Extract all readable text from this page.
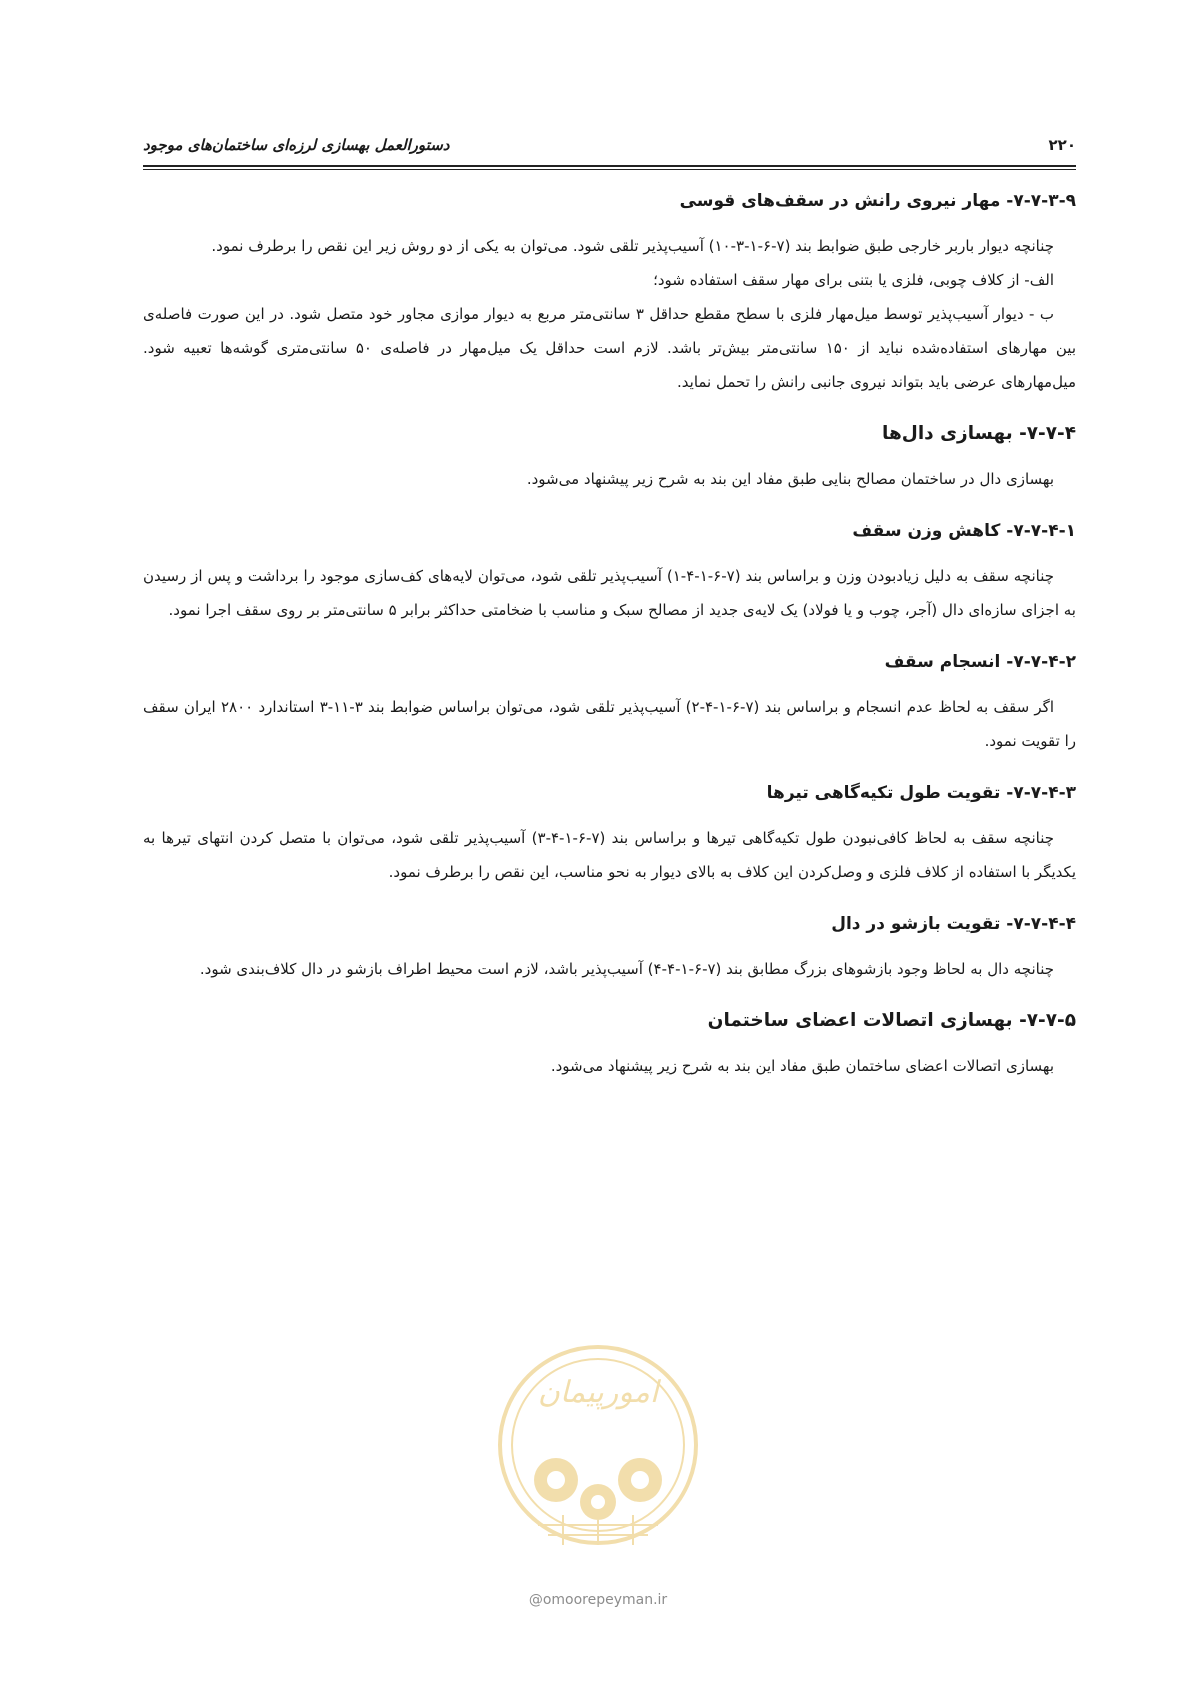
۲۲۰
دستورالعمل بهسازی لرزه‌ای ساختمان‌های موجود
۷-۷-۳-۹- مهار نیروی رانش در سقف‌های قوسی

چنانچه دیوار باربر خارجی طبق ضوابط بند (۷-۶-۱-۳-۱۰) آسیب‌پذیر تلقی شود. می‌توان به یکی از دو روش زیر این نقص را برطرف نمود.

الف- از کلاف چوبی، فلزی یا بتنی برای مهار سقف استفاده شود؛

ب - دیوار آسیب‌پذیر توسط میل‌مهار فلزی با سطح مقطع حداقل ۳ سانتی‌متر مربع به دیوار موازی مجاور خود متصل شود. در این صورت فاصله‌ی بین مهارهای استفاده‌شده نباید از ۱۵۰ سانتی‌متر بیش‌تر باشد. لازم است حداقل یک میل‌مهار در فاصله‌ی ۵۰ سانتی‌متری گوشه‌ها تعبیه شود. میل‌مهارهای عرضی باید بتواند نیروی جانبی رانش را تحمل نماید.

۷-۷-۴- بهسازی دال‌ها

بهسازی دال در ساختمان مصالح بنایی طبق مفاد این بند به شرح زیر پیشنهاد می‌شود.

۷-۷-۴-۱- کاهش وزن سقف

چنانچه سقف به دلیل زیادبودن وزن و براساس بند (۷-۶-۱-۴-۱) آسیب‌پذیر تلقی شود، می‌توان لایه‌های کف‌سازی موجود را برداشت و پس از رسیدن به اجزای سازه‌ای دال (آجر، چوب و یا فولاد) یک لایه‌ی جدید از مصالح سبک و مناسب با ضخامتی حداکثر برابر ۵ سانتی‌متر بر روی سقف اجرا نمود.

۷-۷-۴-۲- انسجام سقف

اگر سقف به لحاظ عدم انسجام و براساس بند (۷-۶-۱-۴-۲) آسیب‌پذیر تلقی شود، می‌توان براساس ضوابط بند ۳-۱۱-۳ استاندارد ۲۸۰۰ ایران سقف را تقویت نمود.

۷-۷-۴-۳- تقویت طول تکیه‌گاهی تیرها

چنانچه سقف به لحاظ کافی‌نبودن طول تکیه‌گاهی تیرها و براساس بند (۷-۶-۱-۴-۳) آسیب‌پذیر تلقی شود، می‌توان با متصل کردن انتهای تیرها به یکدیگر با استفاده از کلاف فلزی و وصل‌کردن این کلاف به بالای دیوار به نحو مناسب، این نقص را برطرف نمود.

۷-۷-۴-۴- تقویت بازشو در دال

چنانچه دال به لحاظ وجود بازشوهای بزرگ مطابق بند (۷-۶-۱-۴-۴) آسیب‌پذیر باشد، لازم است محیط اطراف بازشو در دال کلاف‌بندی شود.

۷-۷-۵- بهسازی اتصالات اعضای ساختمان

بهسازی اتصالات اعضای ساختمان طبق مفاد این بند به شرح زیر پیشنهاد می‌شود.

امورپیمان
@omoorepeyman.ir
